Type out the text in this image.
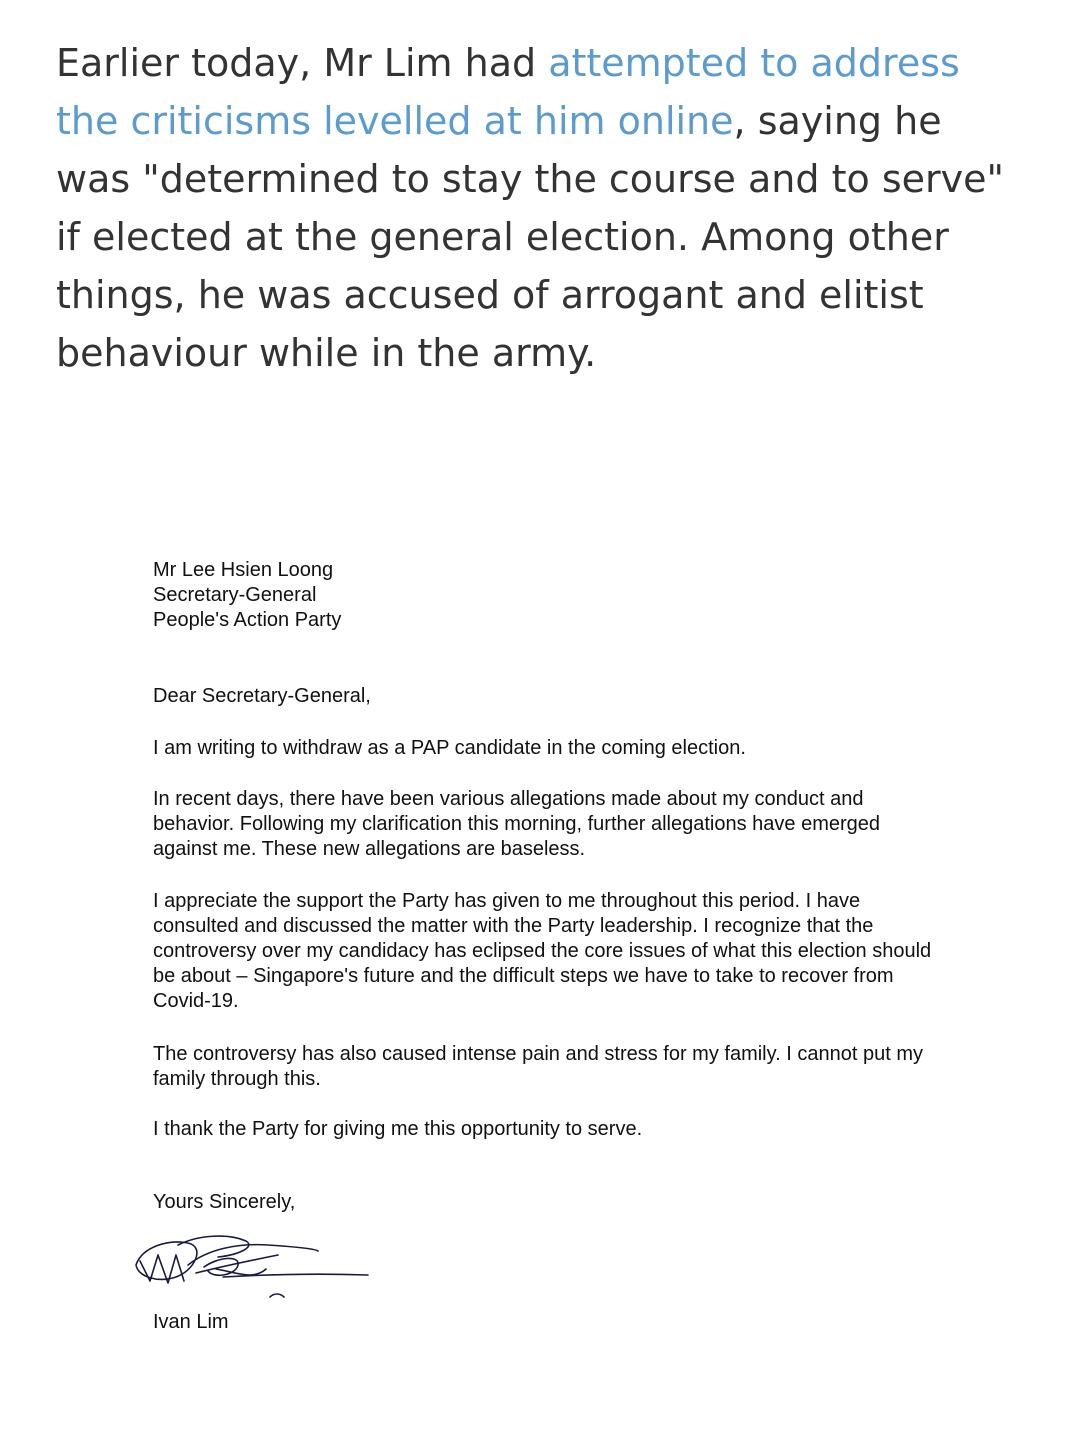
Earlier today, Mr Lim had attempted to address the criticisms levelled at him online, saying he was "determined to stay the course and to serve" if elected at the general election. Among other things, he was accused of arrogant and elitist behaviour while in the army.

Mr Lee Hsien Loong

Secretary-General

People's Action Party

Dear Secretary-General,

I am writing to withdraw as a PAP candidate in the coming election.

In recent days, there have been various allegations made about my conduct and behavior. Following my clarification this morning, further allegations have emerged against me. These new allegations are baseless.

I appreciate the support the Party has given to me throughout this period. I have consulted and discussed the matter with the Party leadership. I recognize that the controversy over my candidacy has eclipsed the core issues of what this election should be about – Singapore's future and the difficult steps we have to take to recover from Covid-19.

The controversy has also caused intense pain and stress for my family. I cannot put my family through this.

I thank the Party for giving me this opportunity to serve.

Yours Sincerely,

Ivan Lim
